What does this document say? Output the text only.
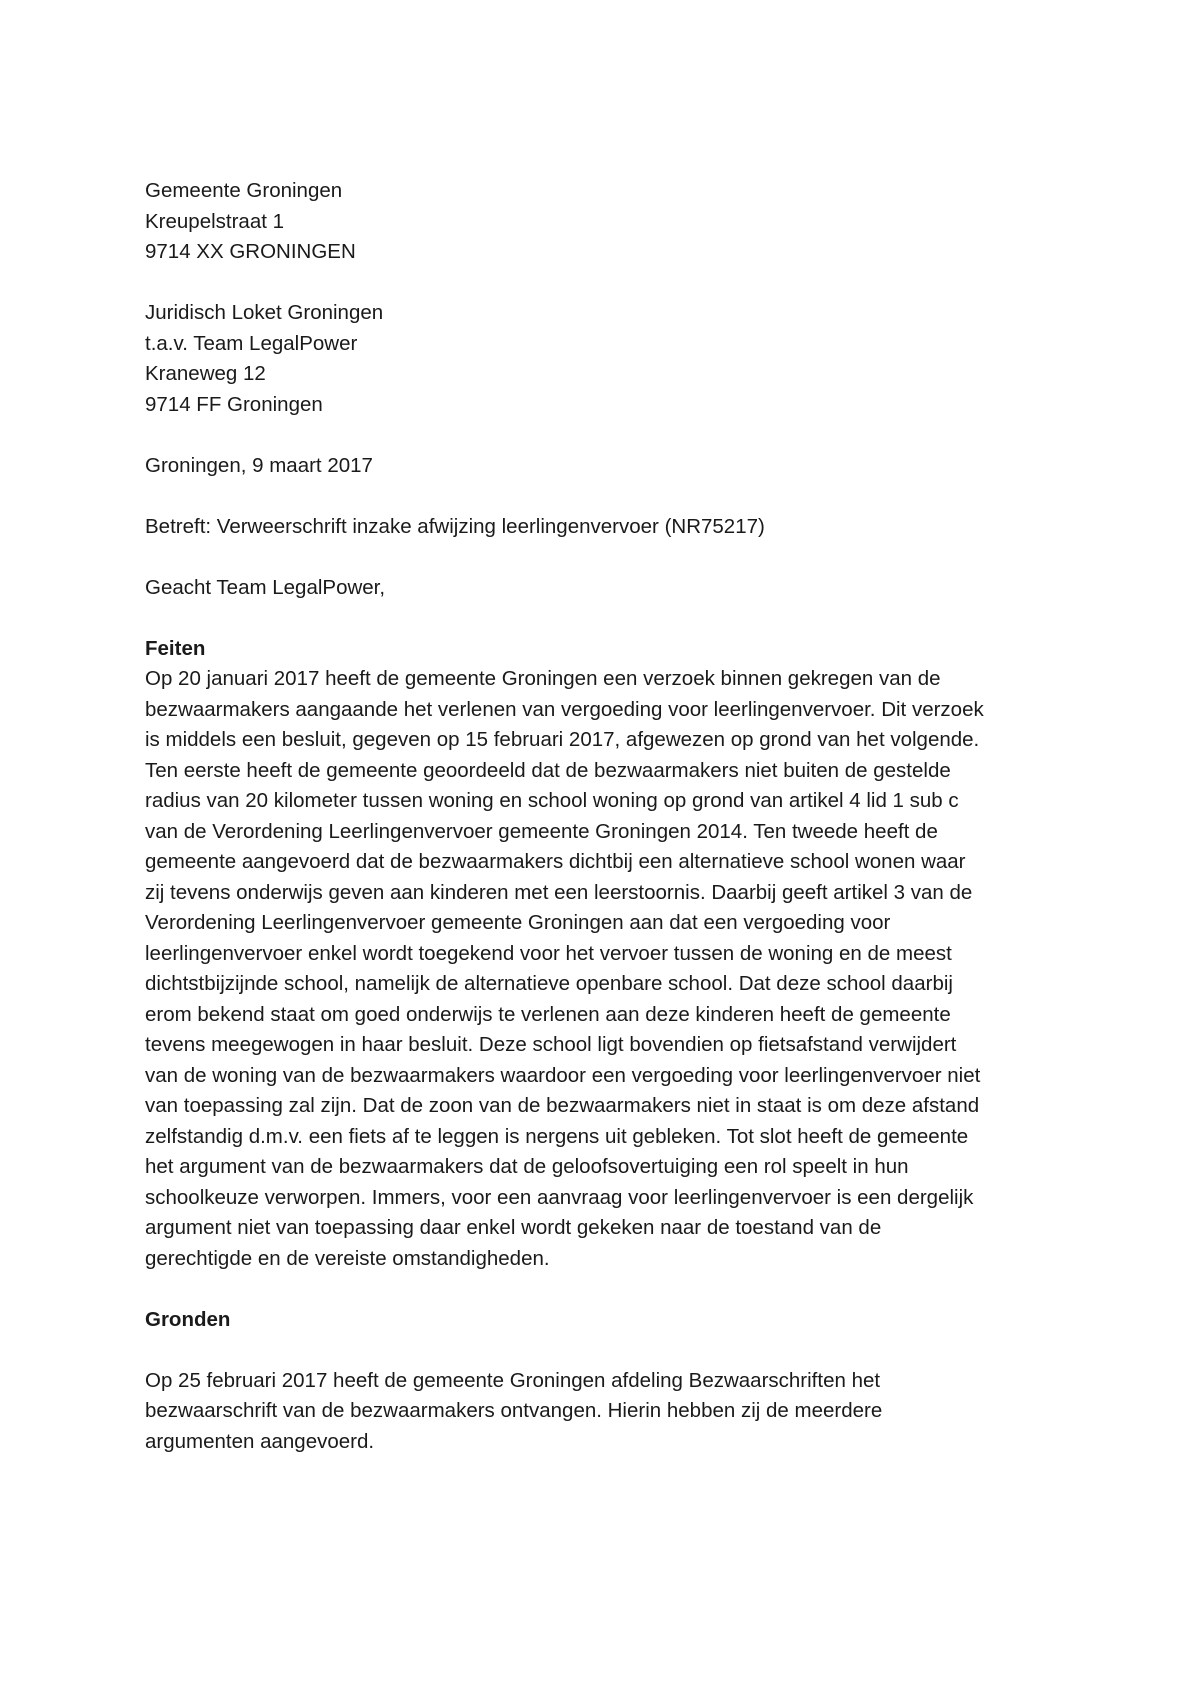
Gemeente Groningen
Kreupelstraat 1
9714 XX GRONINGEN
Juridisch Loket Groningen
t.a.v. Team LegalPower
Kraneweg 12
9714 FF Groningen
Groningen, 9 maart 2017
Betreft: Verweerschrift inzake afwijzing leerlingenvervoer (NR75217)
Geacht Team LegalPower,
Feiten
Op 20 januari 2017 heeft de gemeente Groningen een verzoek binnen gekregen van de
bezwaarmakers aangaande het verlenen van vergoeding voor leerlingenvervoer. Dit verzoek
is middels een besluit, gegeven op 15 februari 2017, afgewezen op grond van het volgende.
Ten eerste heeft de gemeente geoordeeld dat de bezwaarmakers niet buiten de gestelde
radius van 20 kilometer tussen woning en school woning op grond van artikel 4 lid 1 sub c
van de Verordening Leerlingenvervoer gemeente Groningen 2014. Ten tweede heeft de
gemeente aangevoerd dat de bezwaarmakers dichtbij een alternatieve school wonen waar
zij tevens onderwijs geven aan kinderen met een leerstoornis. Daarbij geeft artikel 3 van de
Verordening Leerlingenvervoer gemeente Groningen aan dat een vergoeding voor
leerlingenvervoer enkel wordt toegekend voor het vervoer tussen de woning en de meest
dichtstbijzijnde school, namelijk de alternatieve openbare school. Dat deze school daarbij
erom bekend staat om goed onderwijs te verlenen aan deze kinderen heeft de gemeente
tevens meegewogen in haar besluit. Deze school ligt bovendien op fietsafstand verwijdert
van de woning van de bezwaarmakers waardoor een vergoeding voor leerlingenvervoer niet
van toepassing zal zijn. Dat de zoon van de bezwaarmakers niet in staat is om deze afstand
zelfstandig d.m.v. een fiets af te leggen is nergens uit gebleken. Tot slot heeft de gemeente
het argument van de bezwaarmakers dat de geloofsovertuiging een rol speelt in hun
schoolkeuze verworpen. Immers, voor een aanvraag voor leerlingenvervoer is een dergelijk
argument niet van toepassing daar enkel wordt gekeken naar de toestand van de
gerechtigde en de vereiste omstandigheden.
Gronden
Op 25 februari 2017 heeft de gemeente Groningen afdeling Bezwaarschriften het
bezwaarschrift van de bezwaarmakers ontvangen. Hierin hebben zij de meerdere
argumenten aangevoerd.
